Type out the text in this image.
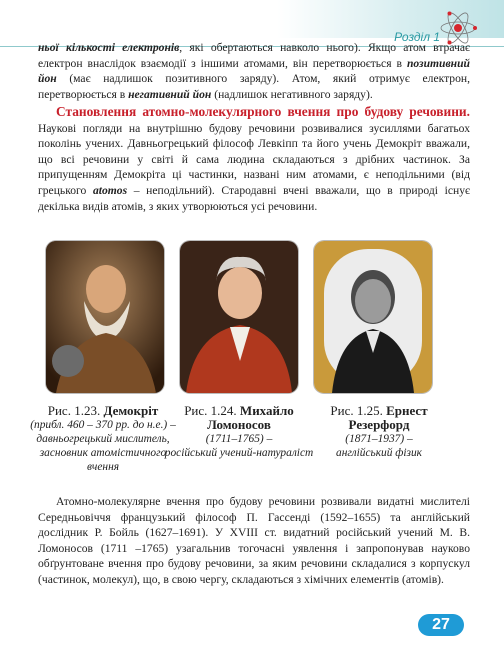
Розділ 1
ньої кількості електронів, які обертаються навколо нього). Якщо атом втрачає електрон внаслідок взаємодії з іншими атомами, він перетворюється в позитивний йон (має надлишок позитивного заряду). Атом, який отримує електрон, перетворюється в негативний йон (надлишок негативного заряду).
Становлення атомно-молекулярного вчення про будову речовини. Наукові погляди на внутрішню будову речовини розвивалися зусиллями багатьох поколінь учених. Давньогрецький філософ Левкіпп та його учень Демокріт вважали, що всі речовини у світі й сама людина складаються з дрібних частинок. За припущенням Демокріта ці частинки, названі ним атомами, є неподільними (від грецького atomos – неподільний). Стародавні вчені вважали, що в природі існує декілька видів атомів, з яких утворюються усі речовини.
Рис. 1.23. Демокріт
(прибл. 460 – 370 рр. до н.е.) –
давньогрецький мислитель, засновник атомістичного вчення
Рис. 1.24. Михайло Ломоносов
(1711–1765) –
російський учений-натураліст
Рис. 1.25. Ернест Резерфорд
(1871–1937) –
англійський фізик
Атомно-молекулярне вчення про будову речовини розвивали видатні мислителі Середньовіччя французький філософ П. Гассенді (1592–1655) та англійський дослідник Р. Бойль (1627–1691). У XVIII ст. видатний російський учений М. В. Ломоносов (1711 –1765) узагальнив тогочасні уявлення і запропонував науково обґрунтоване вчення про будову речовини, за яким речовини складалися з корпускул (частинок, молекул), що, в свою чергу, складаються з хімічних елементів (атомів).
27
